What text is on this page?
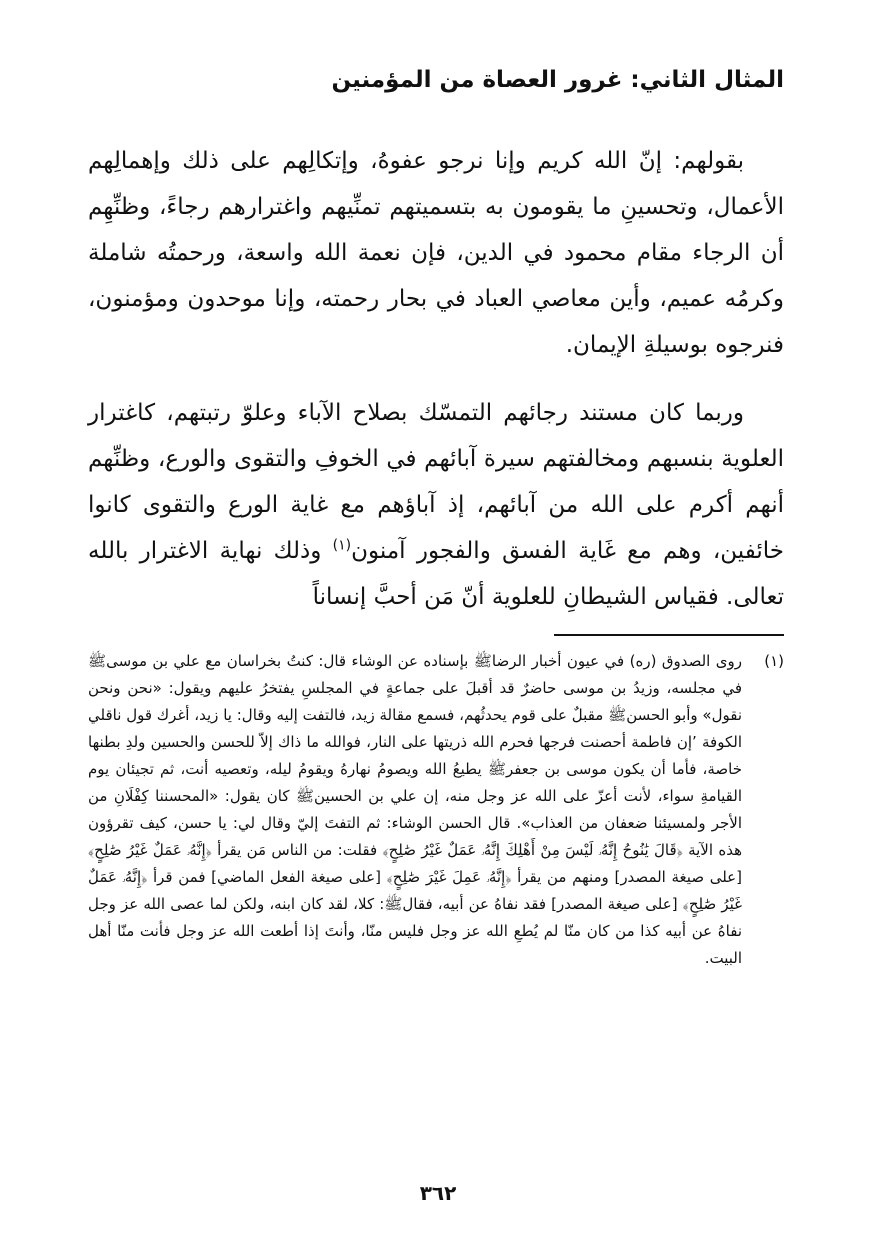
المثال الثاني: غرور العصاة من المؤمنين

بقولهم: إنّ الله كريم وإنا نرجو عفوهُ، وإتكالِهم على ذلك وإهمالِهم الأعمال، وتحسينِ ما يقومون به بتسميتهم تمنِّيهم واغترارهم رجاءً، وظنِّهِم أن الرجاء مقام محمود في الدين، فإن نعمة الله واسعة، ورحمتُه شاملة وكرمُه عميم، وأين معاصي العباد في بحار رحمته، وإنا موحدون ومؤمنون، فنرجوه بوسيلةِ الإيمان.

وربما كان مستند رجائهم التمسّك بصلاح الآباء وعلوّ رتبتهم، كاغترار العلوية بنسبهم ومخالفتهم سيرة آبائهم في الخوفِ والتقوى والورع، وظنِّهم أنهم أكرم على الله من آبائهم، إذ آباؤهم مع غاية الورع والتقوى كانوا خائفين، وهم مع غَاية الفسق والفجور آمنون$^{(١)}$ وذلك نهاية الاغترار بالله تعالى. فقياس الشيطانِ للعلوية أنّ مَن أحبَّ إنساناً

(١)
روى الصدوق (ره) في عيون أخبار الرضاﷺ بإسناده عن الوشاء قال: كنتُ بخراسان مع علي بن موسىﷺ في مجلسه، وزيدُ بن موسى حاضرٌ قد أقبلَ على جماعةٍ في المجلسِ يفتخرُ عليهم ويقول: «نحن ونحن نقول» وأبو الحسنﷺ مقبلٌ على قوم يحدثُهم، فسمع مقالة زيد، فالتفت إليه وقال: يا زيد، أغرك قول ناقلي الكوفة ’إن فاطمة أحصنت فرجها فحرم الله ذريتها على النار، فوالله ما ذاك إلاّ للحسن والحسين ولدِ بطنها خاصة، فأما أن يكون موسى بن جعفرﷺ يطيعُ الله ويصومُ نهارهُ ويقومُ ليله، وتعصيه أنت، ثم تجيئان يوم القيامةِ سواء، لأنت أعزّ على الله عز وجل منه، إن علي بن الحسينﷺ كان يقول: «المحسننا كِفْلَانِ من الأجر ولمسيئنا ضعفان من العذاب». قال الحسن الوشاء: ثم التفتَ إليّ وقال لي: يا حسن، كيف تقرؤون هذه الآية ﴿قَالَ يَٰنُوحُ إِنَّهُۥ لَيْسَ مِنْ أَهْلِكَ إِنَّهُۥ عَمَلٌ غَيْرُ صَٰلِحٍ﴾ فقلت: من الناس مَن يقرأ ﴿إِنَّهُۥ عَمَلٌ غَيْرُ صَٰلِحٍ﴾ [على صيغة المصدر] ومنهم من يقرأ ﴿إِنَّهُۥ عَمِلَ غَيْرَ صَٰلِحٍ﴾ [على صيغة الفعل الماضي] فمن قرأ ﴿إِنَّهُۥ عَمَلٌ غَيْرُ صَٰلِحٍ﴾ [على صيغة المصدر] فقد نفاهُ عن أبيه، فقالﷺ: كلا، لقد كان ابنه، ولكن لما عصى الله عز وجل نفاهُ عن أبيه كذا من كان منّا لم يُطعِ الله عز وجل فليس منّا، وأنتَ إذا أطعت الله عز وجل فأنت منّا أهل البيت.

٣٦٢
